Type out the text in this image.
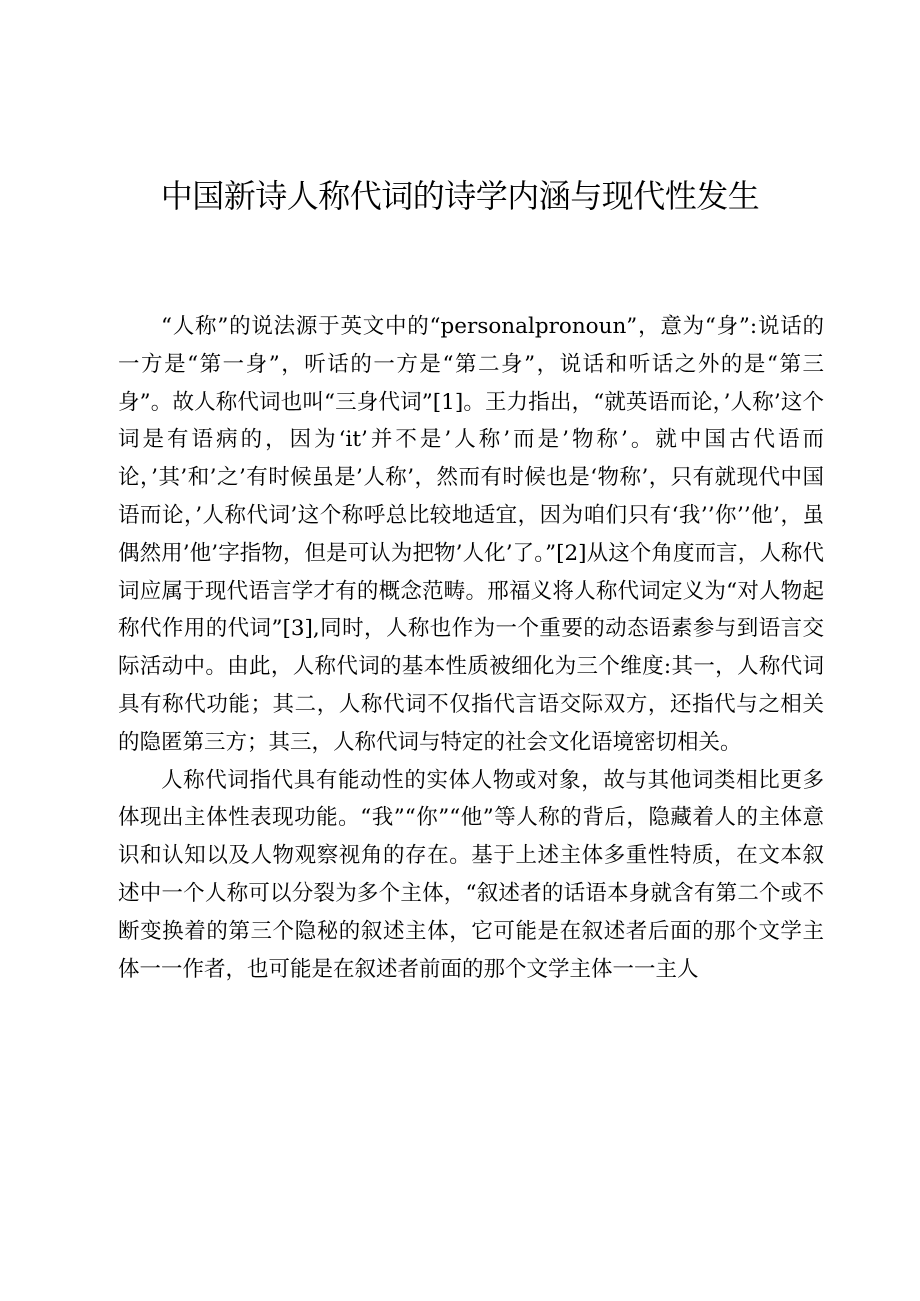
中国新诗人称代词的诗学内涵与现代性发生

“人称”的说法源于英文中的“personalpronoun”，意为“身”:说话的一方是“第一身”，听话的一方是“第二身”，说话和听话之外的是“第三身”。故人称代词也叫“三身代词”[1]。王力指出，“就英语而论，’人称’这个词是有语病的，因为‘it’并不是’人称’而是’物称’。就中国古代语而论，’其’和’之’有时候虽是’人称’，然而有时候也是‘物称’，只有就现代中国语而论，’人称代词’这个称呼总比较地适宜，因为咱们只有‘我’’你’’他’，虽偶然用’他’字指物，但是可认为把物’人化’了。”[2]从这个角度而言，人称代词应属于现代语言学才有的概念范畴。邢福义将人称代词定义为“对人物起称代作用的代词”[3],同时，人称也作为一个重要的动态语素参与到语言交际活动中。由此，人称代词的基本性质被细化为三个维度:其一，人称代词具有称代功能；其二，人称代词不仅指代言语交际双方，还指代与之相关的隐匿第三方；其三，人称代词与特定的社会文化语境密切相关。

人称代词指代具有能动性的实体人物或对象，故与其他词类相比更多体现出主体性表现功能。“我”“你”“他”等人称的背后，隐藏着人的主体意识和认知以及人物观察视角的存在。基于上述主体多重性特质，在文本叙述中一个人称可以分裂为多个主体，“叙述者的话语本身就含有第二个或不断变换着的第三个隐秘的叙述主体，它可能是在叙述者后面的那个文学主体一一作者，也可能是在叙述者前面的那个文学主体一一主人
